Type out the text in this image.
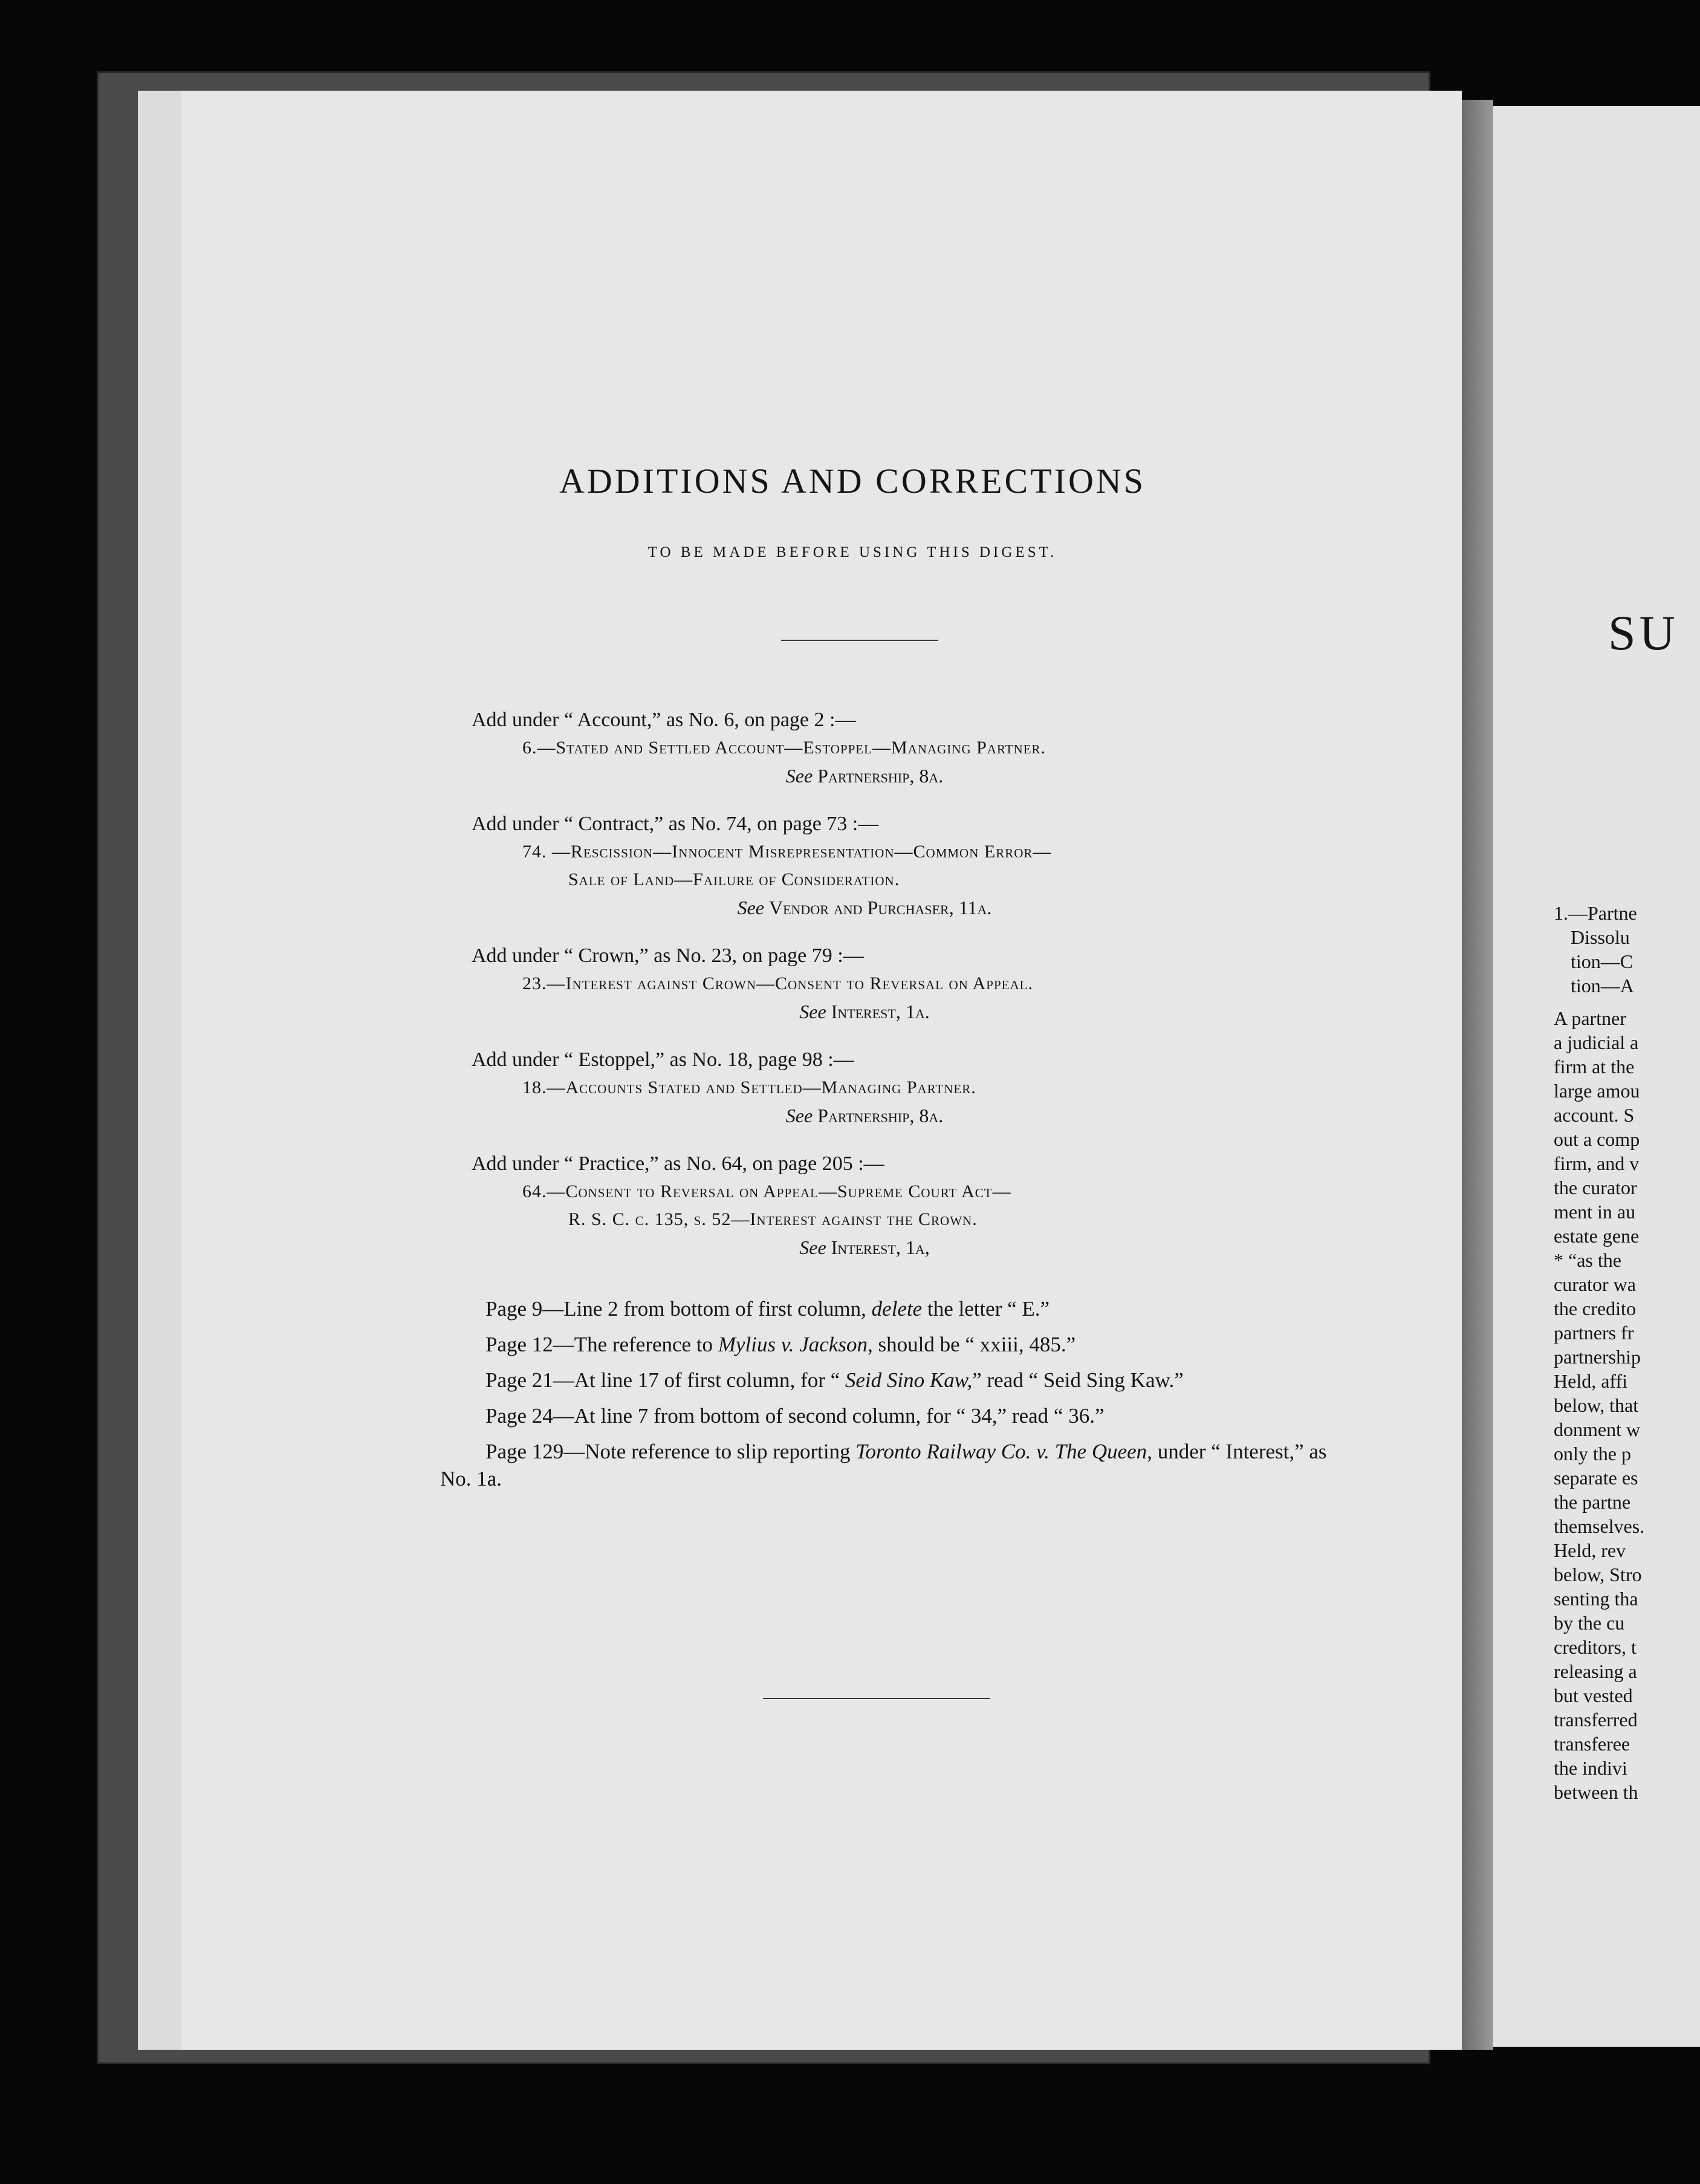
ADDITIONS AND CORRECTIONS

TO BE MADE BEFORE USING THIS DIGEST.

Add under “ Account,” as No. 6, on page 2 :—
6.—Stated and Settled Account—Estoppel—Managing Partner.
See Partnership, 8a.
Add under “ Contract,” as No. 74, on page 73 :—
74. —Rescission—Innocent Misrepresentation—Common Error—
Sale of Land—Failure of Consideration.
See Vendor and Purchaser, 11a.
Add under “ Crown,” as No. 23, on page 79 :—
23.—Interest against Crown—Consent to Reversal on Appeal.
See Interest, 1a.
Add under “ Estoppel,” as No. 18, page 98 :—
18.—Accounts Stated and Settled—Managing Partner.
See Partnership, 8a.
Add under “ Practice,” as No. 64, on page 205 :—
64.—Consent to Reversal on Appeal—Supreme Court Act—
R. S. C. c. 135, s. 52—Interest against the Crown.
See Interest, 1a,

Page 9—Line 2 from bottom of first column, delete the letter “ E.”

Page 12—The reference to Mylius v. Jackson, should be “ xxiii, 485.”

Page 21—At line 17 of first column, for “ Seid Sino Kaw,” read “ Seid Sing Kaw.”

Page 24—At line 7 from bottom of second column, for “ 34,” read “ 36.”

Page 129—Note reference to slip reporting Toronto Railway Co. v. The Queen, under “ Interest,” as No. 1a.

SU

1.—Partne

Dissolu

tion—C

tion—A

A partner

a judicial a

firm at the

large amou

account. S

out a comp

firm, and v

the curator

ment in au

estate gene

* “as the

curator wa

the credito

partners fr

partnership

Held, affi

below, that

donment w

only the p

separate es

the partne

themselves.

Held, rev

below, Stro

senting tha

by the cu

creditors, t

releasing a

but vested

transferred

transferee

the indivi

between th
